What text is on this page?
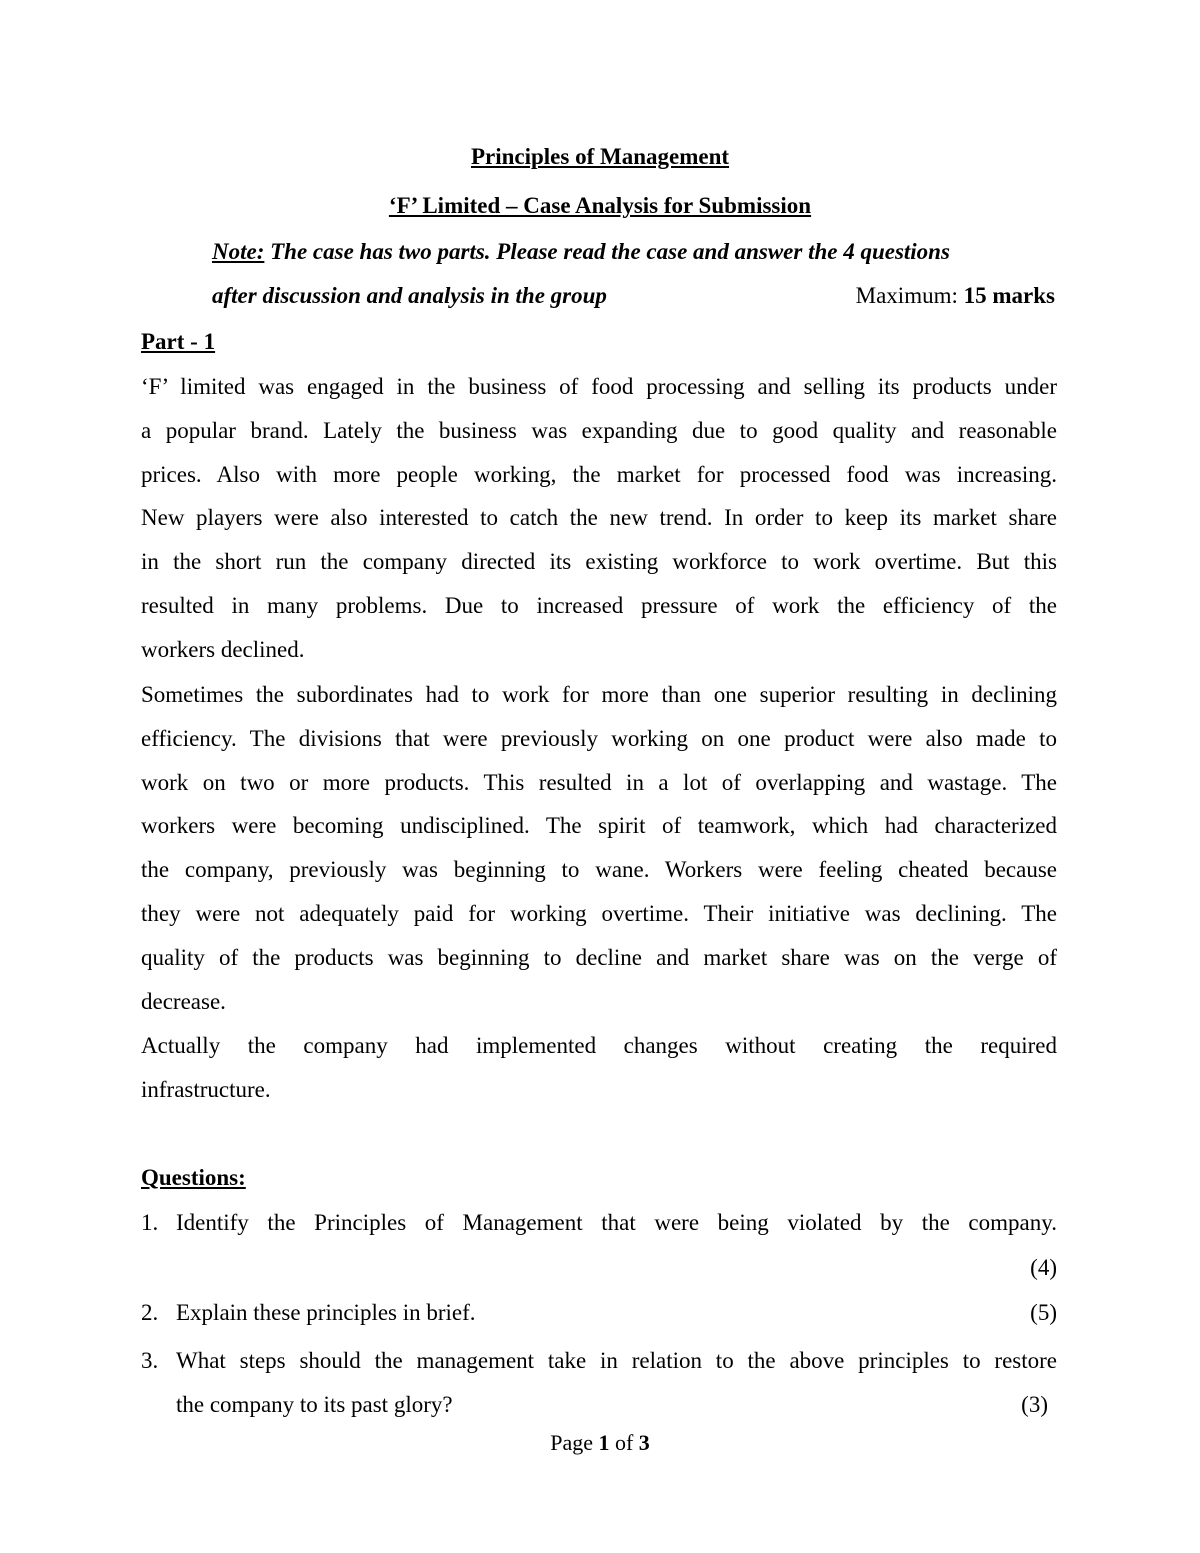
Principles of Management
‘F’ Limited – Case Analysis for Submission
Note: The case has two parts. Please read the case and answer the 4 questions
after discussion and analysis in the group	Maximum: 15 marks
Part - 1
‘F’ limited was engaged in the business of food processing and selling its products under
a popular brand. Lately the business was expanding due to good quality and reasonable
prices. Also with more people working, the market for processed food was increasing.
New players were also interested to catch the new trend. In order to keep its market share
in the short run the company directed its existing workforce to work overtime. But this
resulted in many problems. Due to increased pressure of work the efficiency of the
workers declined.
Sometimes the subordinates had to work for more than one superior resulting in declining
efficiency. The divisions that were previously working on one product were also made to
work on two or more products. This resulted in a lot of overlapping and wastage. The
workers were becoming undisciplined. The spirit of teamwork, which had characterized
the company, previously was beginning to wane. Workers were feeling cheated because
they were not adequately paid for working overtime. Their initiative was declining. The
quality of the products was beginning to decline and market share was on the verge of
decrease.
Actually the company had implemented changes without creating the required
infrastructure.
Questions:
1. Identify the Principles of Management that were being violated by the company.
(4)
2. Explain these principles in brief.	(5)
3. What steps should the management take in relation to the above principles to restore
the company to its past glory?	(3)
Page 1 of 3
